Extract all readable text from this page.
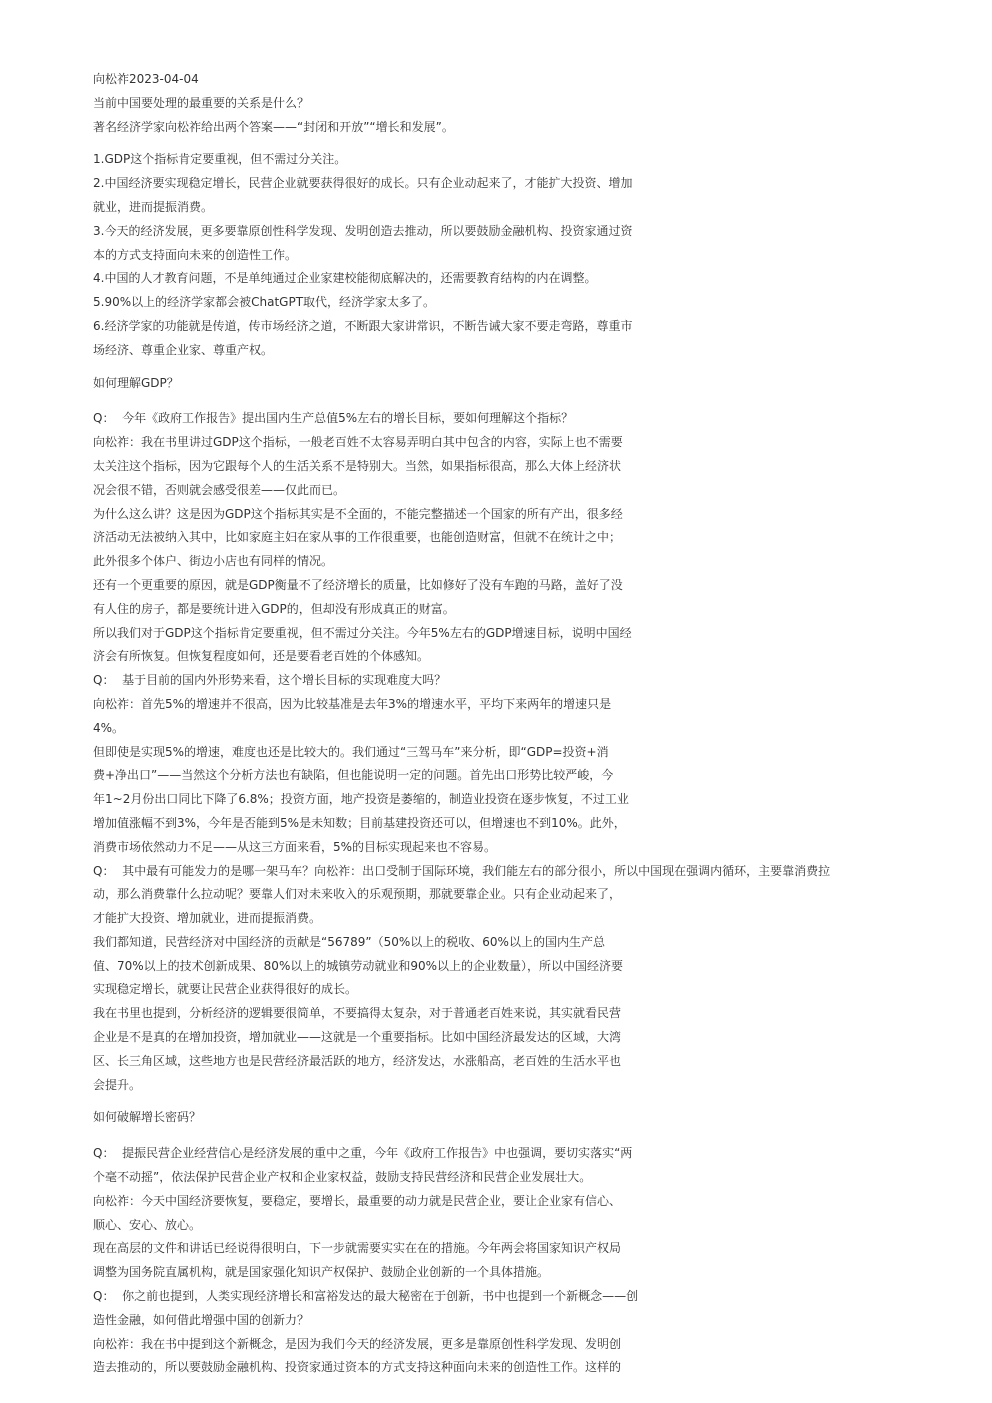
向松祚2023-04-04

当前中国要处理的最重要的关系是什么？

著名经济学家向松祚给出两个答案——“封闭和开放”“增长和发展”。

1.GDP这个指标肯定要重视，但不需过分关注。

2.中国经济要实现稳定增长，民营企业就要获得很好的成长。只有企业动起来了，才能扩大投资、增加

就业，进而提振消费。

3.今天的经济发展，更多要靠原创性科学发现、发明创造去推动，所以要鼓励金融机构、投资家通过资

本的方式支持面向未来的创造性工作。

4.中国的人才教育问题，不是单纯通过企业家建校能彻底解决的，还需要教育结构的内在调整。

5.90%以上的经济学家都会被ChatGPT取代，经济学家太多了。

6.经济学家的功能就是传道，传市场经济之道，不断跟大家讲常识，不断告诫大家不要走弯路，尊重市

场经济、尊重企业家、尊重产权。

如何理解GDP？

Q：  今年《政府工作报告》提出国内生产总值5%左右的增长目标，要如何理解这个指标？

向松祚：我在书里讲过GDP这个指标，一般老百姓不太容易弄明白其中包含的内容，实际上也不需要

太关注这个指标，因为它跟每个人的生活关系不是特别大。当然，如果指标很高，那么大体上经济状

况会很不错，否则就会感受很差——仅此而已。

为什么这么讲？这是因为GDP这个指标其实是不全面的，不能完整描述一个国家的所有产出，很多经

济活动无法被纳入其中，比如家庭主妇在家从事的工作很重要，也能创造财富，但就不在统计之中；

此外很多个体户、街边小店也有同样的情况。

还有一个更重要的原因，就是GDP衡量不了经济增长的质量，比如修好了没有车跑的马路，盖好了没

有人住的房子，都是要统计进入GDP的，但却没有形成真正的财富。

所以我们对于GDP这个指标肯定要重视，但不需过分关注。今年5%左右的GDP增速目标，说明中国经

济会有所恢复。但恢复程度如何，还是要看老百姓的个体感知。

Q：  基于目前的国内外形势来看，这个增长目标的实现难度大吗？

向松祚：首先5%的增速并不很高，因为比较基准是去年3%的增速水平，平均下来两年的增速只是

4%。

但即使是实现5%的增速，难度也还是比较大的。我们通过“三驾马车”来分析，即“GDP=投资+消

费+净出口”——当然这个分析方法也有缺陷，但也能说明一定的问题。首先出口形势比较严峻，今

年1~2月份出口同比下降了6.8%；投资方面，地产投资是萎缩的，制造业投资在逐步恢复，不过工业

增加值涨幅不到3%，今年是否能到5%是未知数；目前基建投资还可以，但增速也不到10%。此外，

消费市场依然动力不足——从这三方面来看，5%的目标实现起来也不容易。

Q：  其中最有可能发力的是哪一架马车？向松祚：出口受制于国际环境，我们能左右的部分很小，所以中国现在强调内循环，主要靠消费拉

动，那么消费靠什么拉动呢？要靠人们对未来收入的乐观预期，那就要靠企业。只有企业动起来了，

才能扩大投资、增加就业，进而提振消费。

我们都知道，民营经济对中国经济的贡献是“56789”（50%以上的税收、60%以上的国内生产总

值、70%以上的技术创新成果、80%以上的城镇劳动就业和90%以上的企业数量），所以中国经济要

实现稳定增长，就要让民营企业获得很好的成长。

我在书里也提到，分析经济的逻辑要很简单，不要搞得太复杂，对于普通老百姓来说，其实就看民营

企业是不是真的在增加投资，增加就业——这就是一个重要指标。比如中国经济最发达的区域，大湾

区、长三角区域，这些地方也是民营经济最活跃的地方，经济发达，水涨船高，老百姓的生活水平也

会提升。

如何破解增长密码？

Q：  提振民营企业经营信心是经济发展的重中之重，今年《政府工作报告》中也强调，要切实落实“两

个毫不动摇”，依法保护民营企业产权和企业家权益，鼓励支持民营经济和民营企业发展壮大。

向松祚：今天中国经济要恢复，要稳定，要增长，最重要的动力就是民营企业，要让企业家有信心、

顺心、安心、放心。

现在高层的文件和讲话已经说得很明白，下一步就需要实实在在的措施。今年两会将国家知识产权局

调整为国务院直属机构，就是国家强化知识产权保护、鼓励企业创新的一个具体措施。

Q：  你之前也提到，人类实现经济增长和富裕发达的最大秘密在于创新，书中也提到一个新概念——创

造性金融，如何借此增强中国的创新力？

向松祚：我在书中提到这个新概念，是因为我们今天的经济发展，更多是靠原创性科学发现、发明创

造去推动的，所以要鼓励金融机构、投资家通过资本的方式支持这种面向未来的创造性工作。这样的
